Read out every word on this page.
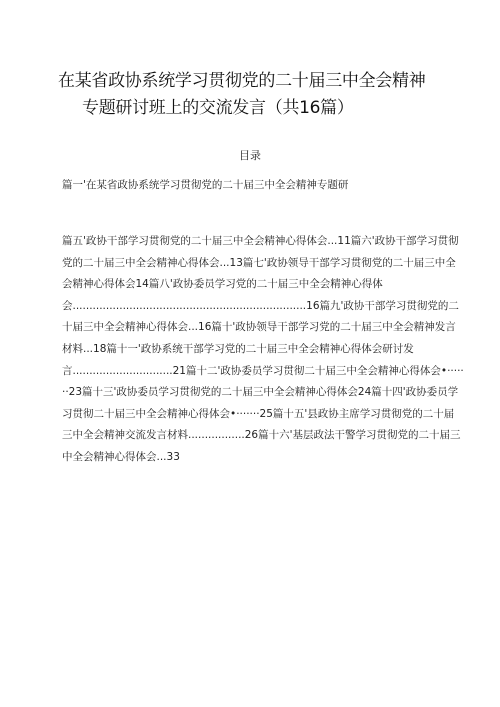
在某省政协系统学习贯彻党的二十届三中全会精神
专题研讨班上的交流发言（共16篇）
目录
篇一'在某省政协系统学习贯彻党的二十届三中全会精神专题研
篇五'政协干部学习贯彻党的二十届三中全会精神心得体会...11篇六'政协干部学习贯彻党的二十届三中全会精神心得体会...13篇七'政协领导干部学习贯彻党的二十届三中全会精神心得体会14篇八'政协委员学习党的二十届三中全会精神心得体会......................................................................16篇九'政协干部学习贯彻党的二十届三中全会精神心得体会...16篇十'政协领导干部学习党的二十届三中全会精神发言材料...18篇十一'政协系统干部学习党的二十届三中全会精神心得体会研讨发言..............................21篇十二'政协委员学习贯彻二十届三中全会精神心得体会•·······23篇十三'政协委员学习贯彻党的二十届三中全会精神心得体会24篇十四'政协委员学习贯彻二十届三中全会精神心得体会•·······25篇十五'县政协主席学习贯彻党的二十届三中全会精神交流发言材料.................26篇十六'基层政法干警学习贯彻党的二十届三中全会精神心得体会...33
